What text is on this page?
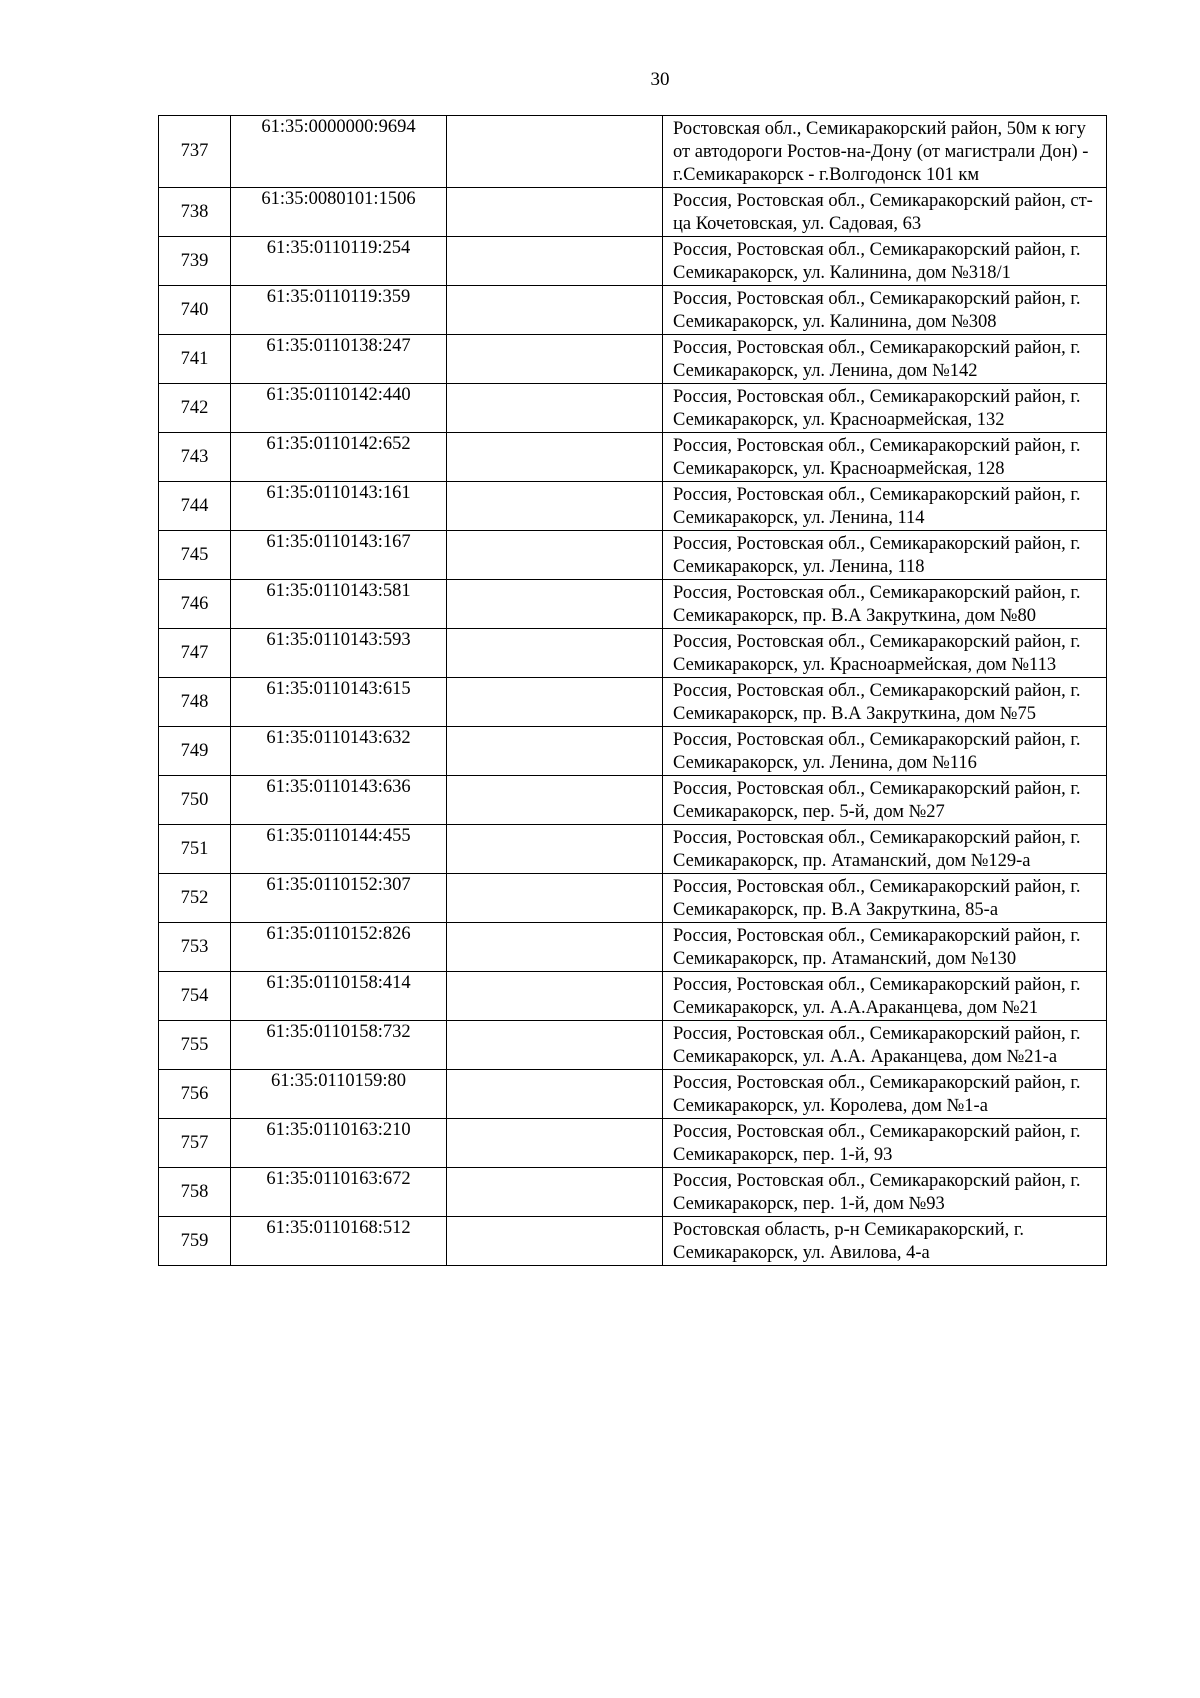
30
737	61:35:0000000:9694		Ростовская обл., Семикаракорский район, 50м к югу от автодороги Ростов-на-Дону (от магистрали Дон) - г.Семикаракорск - г.Волгодонск 101 км
738	61:35:0080101:1506		Россия, Ростовская обл., Семикаракорский район, ст-ца Кочетовская, ул. Садовая, 63
739	61:35:0110119:254		Россия, Ростовская обл., Семикаракорский район, г. Семикаракорск, ул. Калинина, дом №318/1
740	61:35:0110119:359		Россия, Ростовская обл., Семикаракорский район, г. Семикаракорск, ул. Калинина, дом №308
741	61:35:0110138:247		Россия, Ростовская обл., Семикаракорский район, г. Семикаракорск, ул. Ленина, дом №142
742	61:35:0110142:440		Россия, Ростовская обл., Семикаракорский район, г. Семикаракорск, ул. Красноармейская, 132
743	61:35:0110142:652		Россия, Ростовская обл., Семикаракорский район, г. Семикаракорск, ул. Красноармейская, 128
744	61:35:0110143:161		Россия, Ростовская обл., Семикаракорский район, г. Семикаракорск, ул. Ленина, 114
745	61:35:0110143:167		Россия, Ростовская обл., Семикаракорский район, г. Семикаракорск, ул. Ленина, 118
746	61:35:0110143:581		Россия, Ростовская обл., Семикаракорский район, г. Семикаракорск, пр. В.А Закруткина, дом №80
747	61:35:0110143:593		Россия, Ростовская обл., Семикаракорский район, г. Семикаракорск, ул. Красноармейская, дом №113
748	61:35:0110143:615		Россия, Ростовская обл., Семикаракорский район, г. Семикаракорск, пр. В.А Закруткина, дом №75
749	61:35:0110143:632		Россия, Ростовская обл., Семикаракорский район, г. Семикаракорск, ул. Ленина, дом №116
750	61:35:0110143:636		Россия, Ростовская обл., Семикаракорский район, г. Семикаракорск, пер. 5-й, дом №27
751	61:35:0110144:455		Россия, Ростовская обл., Семикаракорский район, г. Семикаракорск, пр. Атаманский, дом №129-а
752	61:35:0110152:307		Россия, Ростовская обл., Семикаракорский район, г. Семикаракорск, пр. В.А Закруткина, 85-а
753	61:35:0110152:826		Россия, Ростовская обл., Семикаракорский район, г. Семикаракорск, пр. Атаманский, дом №130
754	61:35:0110158:414		Россия, Ростовская обл., Семикаракорский район, г. Семикаракорск, ул. А.А.Араканцева, дом №21
755	61:35:0110158:732		Россия, Ростовская обл., Семикаракорский район, г. Семикаракорск, ул. А.А. Араканцева, дом №21-а
756	61:35:0110159:80		Россия, Ростовская обл., Семикаракорский район, г. Семикаракорск, ул. Королева, дом №1-а
757	61:35:0110163:210		Россия, Ростовская обл., Семикаракорский район, г. Семикаракорск, пер. 1-й, 93
758	61:35:0110163:672		Россия, Ростовская обл., Семикаракорский район, г. Семикаракорск, пер. 1-й, дом №93
759	61:35:0110168:512		Ростовская область, р-н Семикаракорский, г. Семикаракорск, ул. Авилова, 4-а
